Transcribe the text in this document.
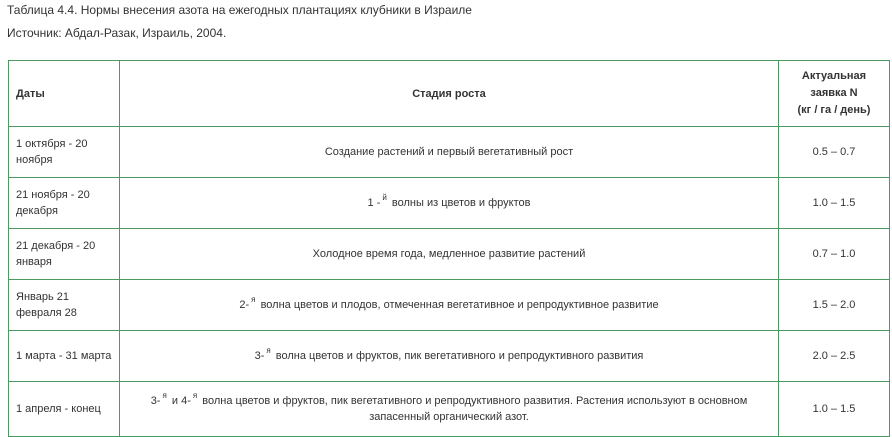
Таблица 4.4. Нормы внесения азота на ежегодных плантациях клубники в Израиле
Источник: Абдал-Разак, Израиль, 2004.
Даты	Стадия роста	Актуальная
заявка N
(кг / га / день)
1 октября - 20 ноября	Создание растений и первый вегетативный рост	0.5 – 0.7
21 ноября - 20 декабря	1 - $^й$ волны из цветов и фруктов	1.0 – 1.5
21 декабря - 20 января	Холодное время года, медленное развитие растений	0.7 – 1.0
Январь 21 февраля 28	2- $^я$ волна цветов и плодов, отмеченная вегетативное и репродуктивное развитие	1.5 – 2.0
1 марта - 31 марта	3- $^я$ волна цветов и фруктов, пик вегетативного и репродуктивного развития	2.0 – 2.5
1 апреля - конец	3- $^я$ и 4- $^я$ волна цветов и фруктов, пик вегетативного и репродуктивного развития. Растения используют в основном запасенный органический азот.	1.0 – 1.5
